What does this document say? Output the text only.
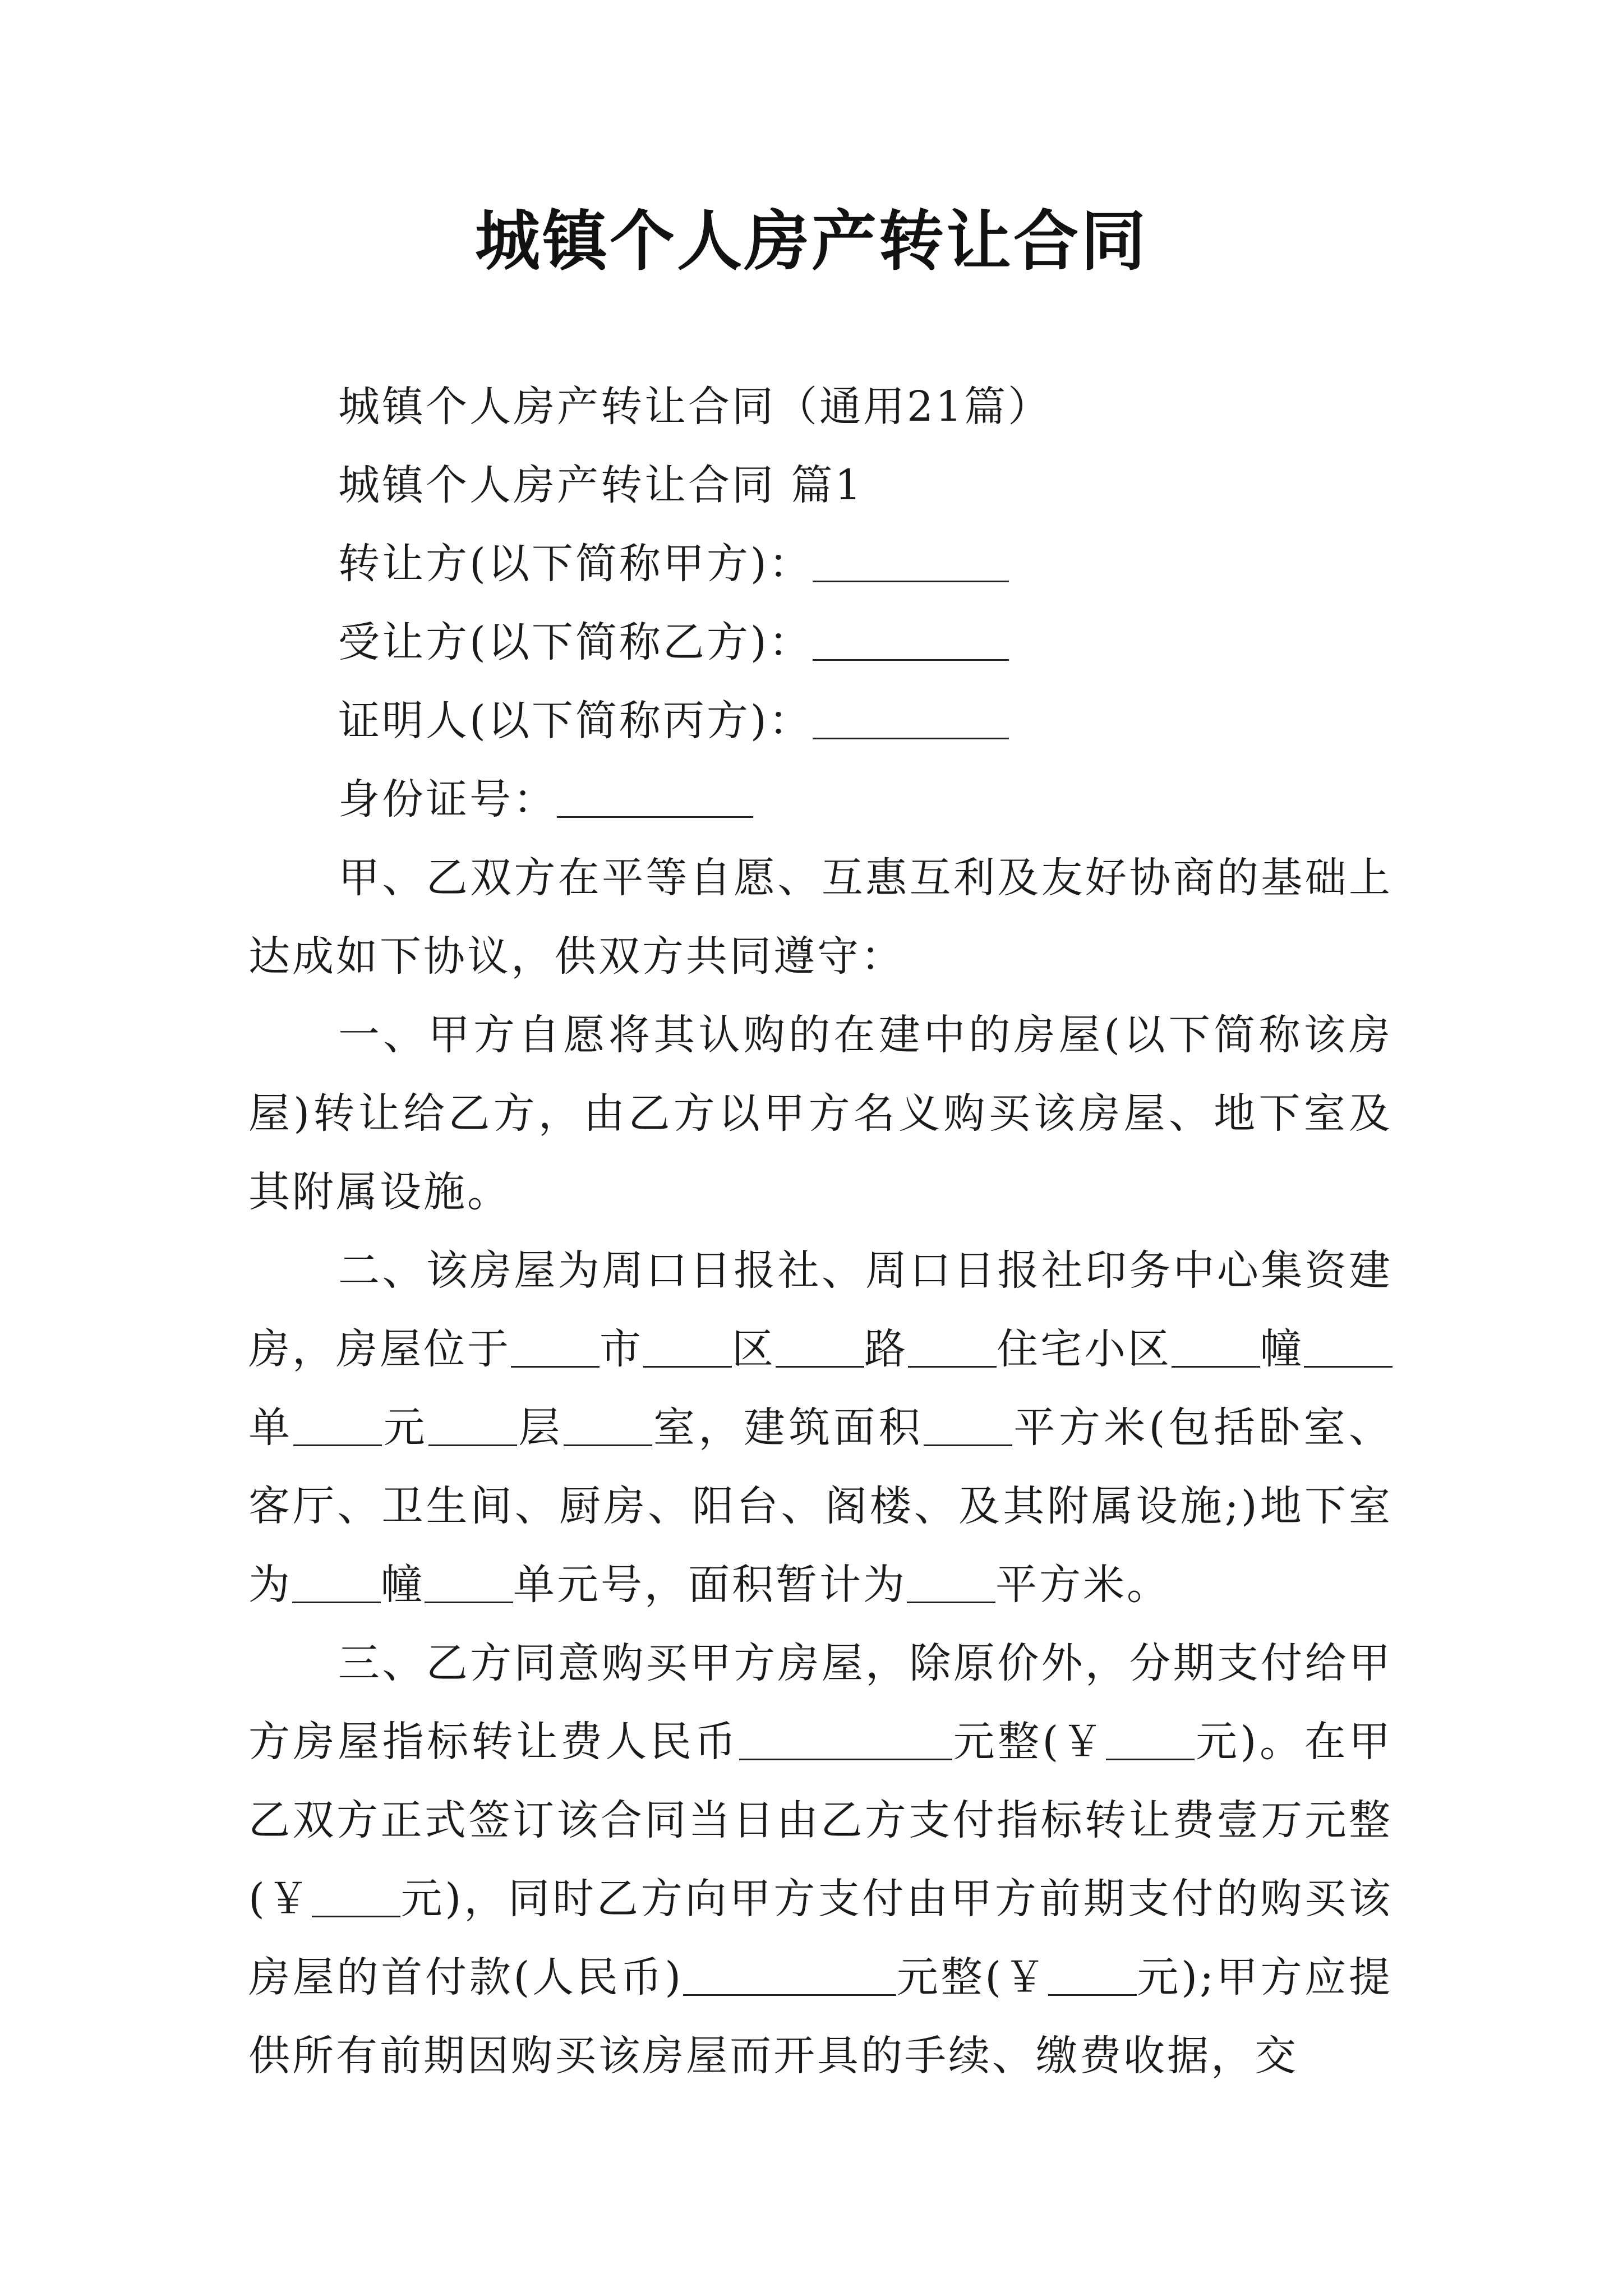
城镇个人房产转让合同

城镇个人房产转让合同（通用21篇）

城镇个人房产转让合同 篇1

转让方(以下简称甲方)：

受让方(以下简称乙方)：

证明人(以下简称丙方)：

身份证号：

甲、乙双方在平等自愿、互惠互利及友好协商的基础上达成如下协议，供双方共同遵守：

一、甲方自愿将其认购的在建中的房屋(以下简称该房屋)转让给乙方，由乙方以甲方名义购买该房屋、地下室及其附属设施。

二、该房屋为周口日报社、周口日报社印务中心集资建房，房屋位于 市 区 路 住宅小区 幢单 元 层 室，建筑面积 平方米(包括卧室、客厅、卫生间、厨房、阳台、阁楼、及其附属设施;)地下室为 幢 单元号，面积暂计为 平方米。

三、乙方同意购买甲方房屋，除原价外，分期支付给甲方房屋指标转让费人民币	元整(￥ 元)。在甲乙双方正式签订该合同当日由乙方支付指标转让费壹万元整(￥ 元)，同时乙方向甲方支付由甲方前期支付的购买该房屋的首付款(人民币)	元整(￥ 元);甲方应提供所有前期因购买该房屋而开具的手续、缴费收据，交
